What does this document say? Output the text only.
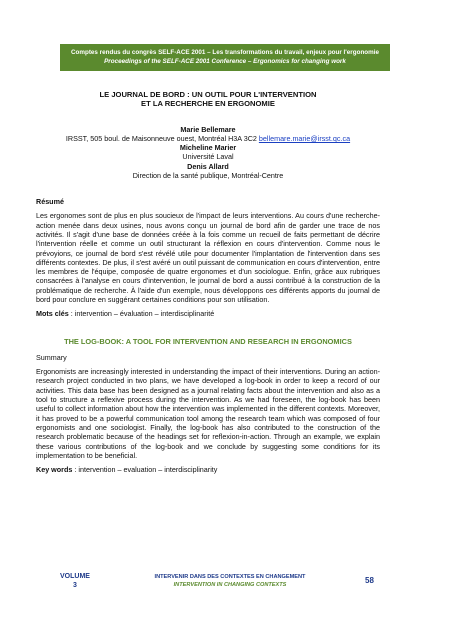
Comptes rendus du congrès SELF-ACE 2001 – Les transformations du travail, enjeux pour l'ergonomie
Proceedings of the SELF-ACE 2001 Conference – Ergonomics for changing work
LE JOURNAL DE BORD : UN OUTIL POUR L'INTERVENTION
ET LA RECHERCHE EN ERGONOMIE
Marie Bellemare
IRSST, 505 boul. de Maisonneuve ouest, Montréal H3A 3C2 bellemare.marie@irsst.qc.ca
Micheline Marier
Université Laval
Denis Allard
Direction de la santé publique, Montréal-Centre
Résumé
Les ergonomes sont de plus en plus soucieux de l'impact de leurs interventions. Au cours d'une recherche-action menée dans deux usines, nous avons conçu un journal de bord afin de garder une trace de nos activités. Il s'agit d'une base de données créée à la fois comme un recueil de faits permettant de décrire l'intervention réelle et comme un outil structurant la réflexion en cours d'intervention. Comme nous le prévoyions, ce journal de bord s'est révélé utile pour documenter l'implantation de l'intervention dans ses différents contextes. De plus, il s'est avéré un outil puissant de communication en cours d'intervention, entre les membres de l'équipe, composée de quatre ergonomes et d'un sociologue. Enfin, grâce aux rubriques consacrées à l'analyse en cours d'intervention, le journal de bord a aussi contribué à la construction de la problématique de recherche. À l'aide d'un exemple, nous développons ces différents apports du journal de bord pour conclure en suggérant certaines conditions pour son utilisation.
Mots clés : intervention – évaluation – interdisciplinarité
THE LOG-BOOK: A TOOL FOR INTERVENTION AND RESEARCH IN ERGONOMICS
Summary
Ergonomists are increasingly interested in understanding the impact of their interventions. During an action-research project conducted in two plans, we have developed a log-book in order to keep a record of our activities. This data base has been designed as a journal relating facts about the intervention and also as a tool to structure a reflexive process during the intervention. As we had foreseen, the log-book has been useful to collect information about how the intervention was implemented in the different contexts. Moreover, it has proved to be a powerful communication tool among the research team which was composed of four ergonomists and one sociologist. Finally, the log-book has also contributed to the construction of the research problematic because of the headings set for reflexion-in-action. Through an example, we explain these various contributions of the log-book and we conclude by suggesting some conditions for its implementation to be beneficial.
Key words : intervention – evaluation – interdisciplinarity
VOLUME
3
INTERVENIR DANS DES CONTEXTES EN CHANGEMENT
INTERVENTION IN CHANGING CONTEXTS	58
